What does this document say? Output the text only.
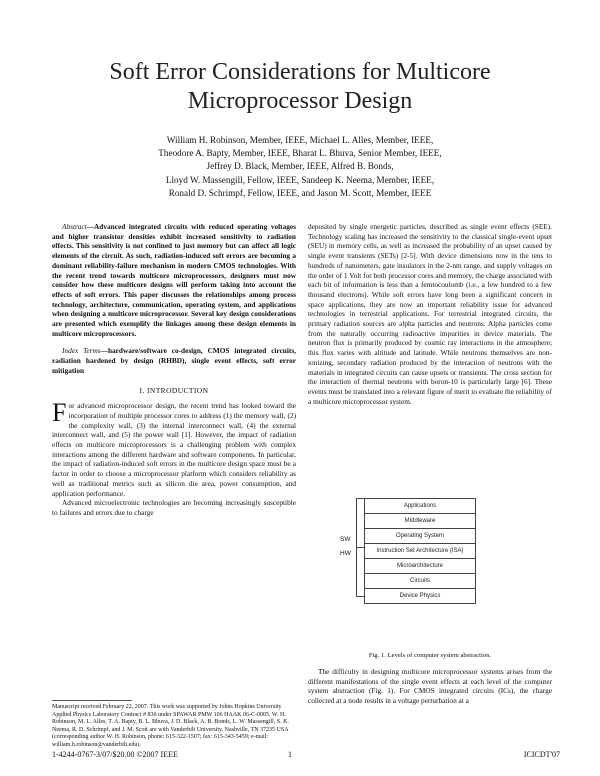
Soft Error Considerations for Multicore
Microprocessor Design
William H. Robinson, Member, IEEE, Michael L. Alles, Member, IEEE,
Theodore A. Bapty, Member, IEEE, Bharat L. Bhuva, Senior Member, IEEE,
Jeffrey D. Black, Member, IEEE, Alfred B. Bonds,
Lloyd W. Massengill, Fellow, IEEE, Sandeep K. Neema, Member, IEEE,
Ronald D. Schrimpf, Fellow, IEEE, and Jason M. Scott, Member, IEEE

Abstract—Advanced integrated circuits with reduced operating voltages and higher transistor densities exhibit increased sensitivity to radiation effects. This sensitivity is not confined to just memory but can affect all logic elements of the circuit. As such, radiation-induced soft errors are becoming a dominant reliability-failure mechanism in modern CMOS technologies. With the recent trend towards multicore microprocessors, designers must now consider how these multicore designs will perform taking into account the effects of soft errors. This paper discusses the relationships among process technology, architecture, communication, operating system, and applications when designing a multicore microprocessor. Several key design considerations are presented which exemplify the linkages among these design elements in multicore microprocessors.

Index Terms—hardware/software co-design, CMOS integrated circuits, radiation hardened by design (RHBD), single event effects, soft error mitigation

I. INTRODUCTION

For advanced microprocessor design, the recent trend has looked toward the incorporation of multiple processor cores to address (1) the memory wall, (2) the complexity wall, (3) the internal interconnect wall, (4) the external interconnect wall, and (5) the power wall [1]. However, the impact of radiation effects on multicore microprocessors is a challenging problem with complex interactions among the different hardware and software components. In particular, the impact of radiation-induced soft errors in the multicore design space must be a factor in order to choose a microprocessor platform which considers reliability as well as traditional metrics such as silicon die area, power consumption, and application performance.

Advanced microelectronic technologies are becoming increasingly susceptible to failures and errors due to charge

Manuscript received February 22, 2007. This work was supported by Johns Hopkins University Applied Physics Laboratory Contract # 836 under SPAWAR PMW 106 HAAK 06-C-0005. W. H. Robinson, M. L. Alles, T. A. Bapty, B. L. Bhuva, J. D. Black, A. B. Bonds, L. W. Massengill, S. K. Neema, R. D. Schrimpf, and J. M. Scott are with Vanderbilt University, Nashville, TN 37235 USA (corresponding author W. H. Robinson, phone: 615-322-1507; fax: 615-343-5459; e-mail: william.h.robinson@vanderbilt.edu).

deposited by single energetic particles, described as single event effects (SEE). Technology scaling has increased the sensitivity to the classical single-event upset (SEU) in memory cells, as well as increased the probability of an upset caused by single event transients (SETs) [2-5]. With device dimensions now in the tens to hundreds of nanometers, gate insulators in the 2-nm range, and supply voltages on the order of 1 Volt for both processor cores and memory, the charge associated with each bit of information is less than a femtocoulomb (i.e., a few hundred to a few thousand electrons). While soft errors have long been a significant concern in space applications, they are now an important reliability issue for advanced technologies in terrestrial applications. For terrestrial integrated circuits, the primary radiation sources are alpha particles and neutrons. Alpha particles come from the naturally occurring radioactive impurities in device materials. The neutron flux is primarily produced by cosmic ray interactions in the atmosphere; this flux varies with altitude and latitude. While neutrons themselves are non-ionizing, secondary radiation produced by the interaction of neutrons with the materials in integrated circuits can cause upsets or transients. The cross section for the interaction of thermal neutrons with boron-10 is particularly large [6]. These events must be translated into a relevant figure of merit to evaluate the reliability of a multicore microprocessor system.

Applications
Middleware
Operating System
Instruction Set Architecture (ISA)
Microarchitecture
Circuits
Device Physics
SW
HW
Fig. 1. Levels of computer system abstraction.

The difficulty in designing multicore microprocessor systems arises from the different manifestations of the single event effects at each level of the computer system abstraction (Fig. 1). For CMOS integrated circuits (ICs), the charge collected at a node results in a voltage perturbation at a

1-4244-0767-3/07/$20.00 ©2007 IEEE	1	ICICDT'07
